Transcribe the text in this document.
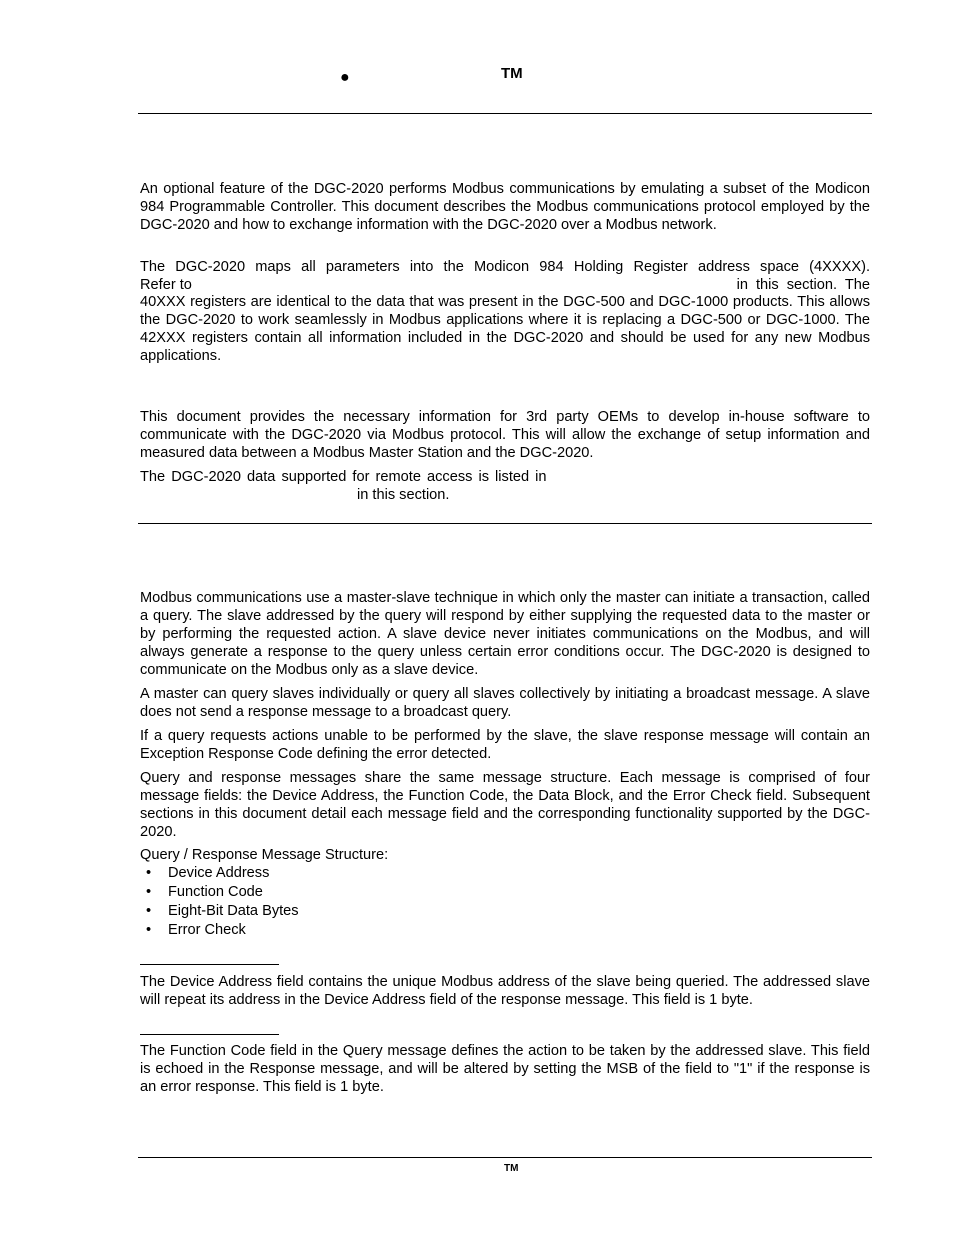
●	TM

An optional feature of the DGC-2020 performs Modbus communications by emulating a subset of the Modicon 984 Programmable Controller. This document describes the Modbus communications protocol employed by the DGC-2020 and how to exchange information with the DGC-2020 over a Modbus network.

The DGC-2020 maps all parameters into the Modicon 984 Holding Register address space (4XXXX).

Refer to	in this section. The

40XXX registers are identical to the data that was present in the DGC-500 and DGC-1000 products. This allows the DGC-2020 to work seamlessly in Modbus applications where it is replacing a DGC-500 or DGC-1000. The 42XXX registers contain all information included in the DGC-2020 and should be used for any new Modbus applications.

This document provides the necessary information for 3rd party OEMs to develop in-house software to communicate with the DGC-2020 via Modbus protocol. This will allow the exchange of setup information and measured data between a Modbus Master Station and the DGC-2020.

The DGC-2020 data supported for remote access is listed in
in this section.

Modbus communications use a master-slave technique in which only the master can initiate a transaction, called a query. The slave addressed by the query will respond by either supplying the requested data to the master or by performing the requested action. A slave device never initiates communications on the Modbus, and will always generate a response to the query unless certain error conditions occur. The DGC-2020 is designed to communicate on the Modbus only as a slave device.

A master can query slaves individually or query all slaves collectively by initiating a broadcast message. A slave does not send a response message to a broadcast query.

If a query requests actions unable to be performed by the slave, the slave response message will contain an Exception Response Code defining the error detected.

Query and response messages share the same message structure. Each message is comprised of four message fields: the Device Address, the Function Code, the Data Block, and the Error Check field. Subsequent sections in this document detail each message field and the corresponding functionality supported by the DGC-2020.

Query / Response Message Structure:

• Device Address
• Function Code
• Eight-Bit Data Bytes
• Error Check

The Device Address field contains the unique Modbus address of the slave being queried. The addressed slave will repeat its address in the Device Address field of the response message. This field is 1 byte.

The Function Code field in the Query message defines the action to be taken by the addressed slave. This field is echoed in the Response message, and will be altered by setting the MSB of the field to "1" if the response is an error response. This field is 1 byte.

TM
